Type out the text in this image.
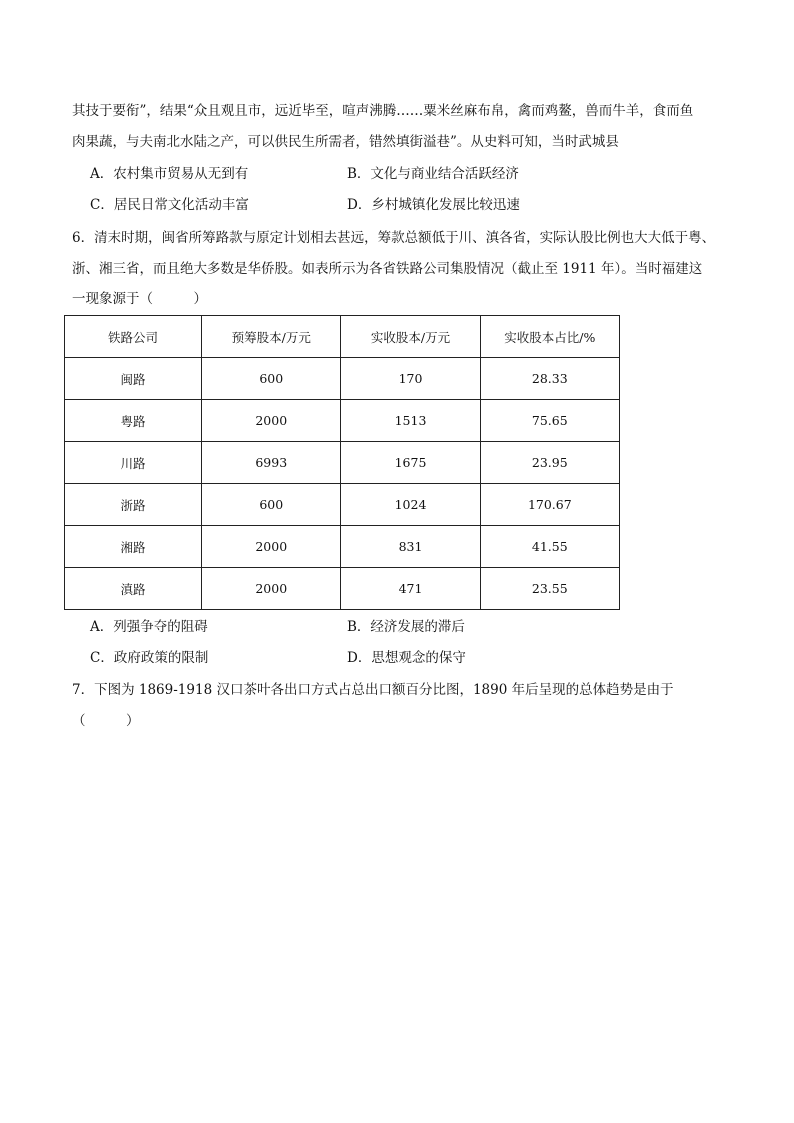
其技于要衔”，结果“众且观且市，远近毕至，喧声沸腾……粟米丝麻布帛，禽而鸡鳌，兽而牛羊，食而鱼
肉果蔬，与夫南北水陆之产，可以供民生所需者，错然填街溢巷”。从史料可知，当时武城县
A．农村集市贸易从无到有	B．文化与商业结合活跃经济
C．居民日常文化活动丰富	D．乡村城镇化发展比较迅速
6．清末时期，闽省所筹路款与原定计划相去甚远，筹款总额低于川、滇各省，实际认股比例也大大低于粤、
浙、湘三省，而且绝大多数是华侨股。如表所示为各省铁路公司集股情况（截止至 1911 年）。当时福建这
一现象源于（　　　）
铁路公司	预筹股本/万元	实收股本/万元	实收股本占比/%
闽路	600	170	28.33
粤路	2000	1513	75.65
川路	6993	1675	23.95
浙路	600	1024	170.67
湘路	2000	831	41.55
滇路	2000	471	23.55
A．列强争夺的阻碍	B．经济发展的滞后
C．政府政策的限制	D．思想观念的保守
7．下图为 1869-1918 汉口茶叶各出口方式占总出口额百分比图，1890 年后呈现的总体趋势是由于
（　　　）
